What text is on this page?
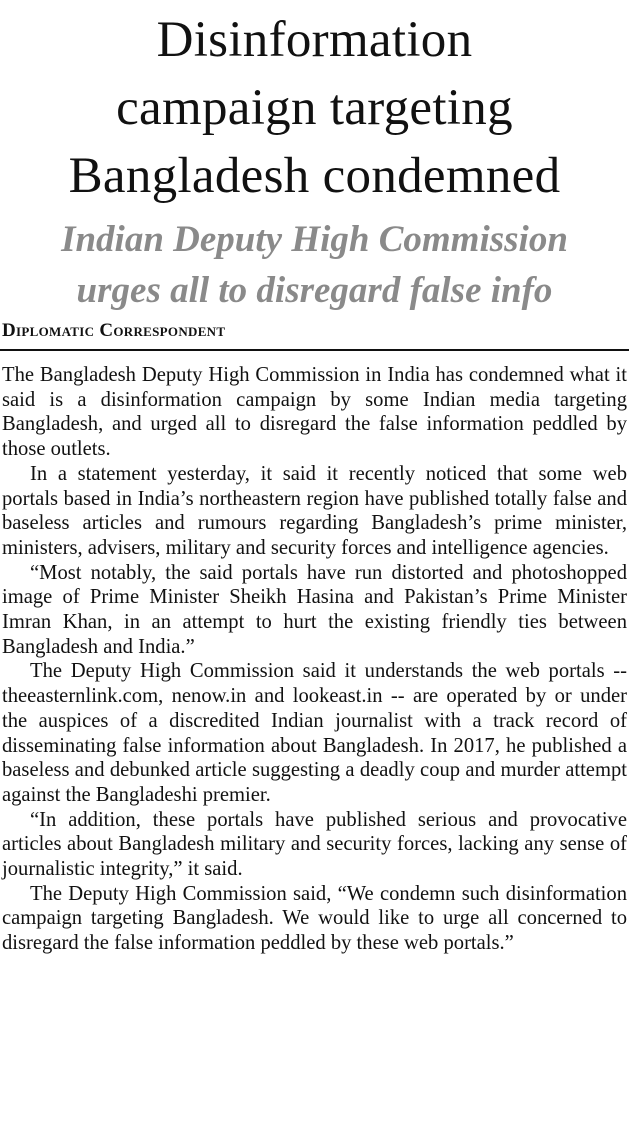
Disinformation
campaign targeting
Bangladesh condemned
Indian Deputy High Commission
urges all to disregard false info
Diplomatic Correspondent

The Bangladesh Deputy High Commission in India has condemned what it said is a disinformation campaign by some Indian media targeting Bangladesh, and urged all to disregard the false information peddled by those outlets.

In a statement yesterday, it said it recently noticed that some web portals based in India’s northeastern region have published totally false and baseless articles and rumours regarding Bangladesh’s prime minister, ministers, advisers, military and security forces and intelligence agencies.

“Most notably, the said portals have run distorted and photoshopped image of Prime Minister Sheikh Hasina and Pakistan’s Prime Minister Imran Khan, in an attempt to hurt the existing friendly ties between Bangladesh and India.”

The Deputy High Commission said it understands the web portals -- theeasternlink.com, nenow.in and lookeast.in -- are operated by or under the auspices of a discredited Indian journalist with a track record of disseminating false information about Bangladesh. In 2017, he published a baseless and debunked article suggesting a deadly coup and murder attempt against the Bangladeshi premier.

“In addition, these portals have published serious and provocative articles about Bangladesh military and security forces, lacking any sense of journalistic integrity,” it said.

The Deputy High Commission said, “We condemn such disinformation campaign targeting Bangladesh. We would like to urge all concerned to disregard the false information peddled by these web portals.”
